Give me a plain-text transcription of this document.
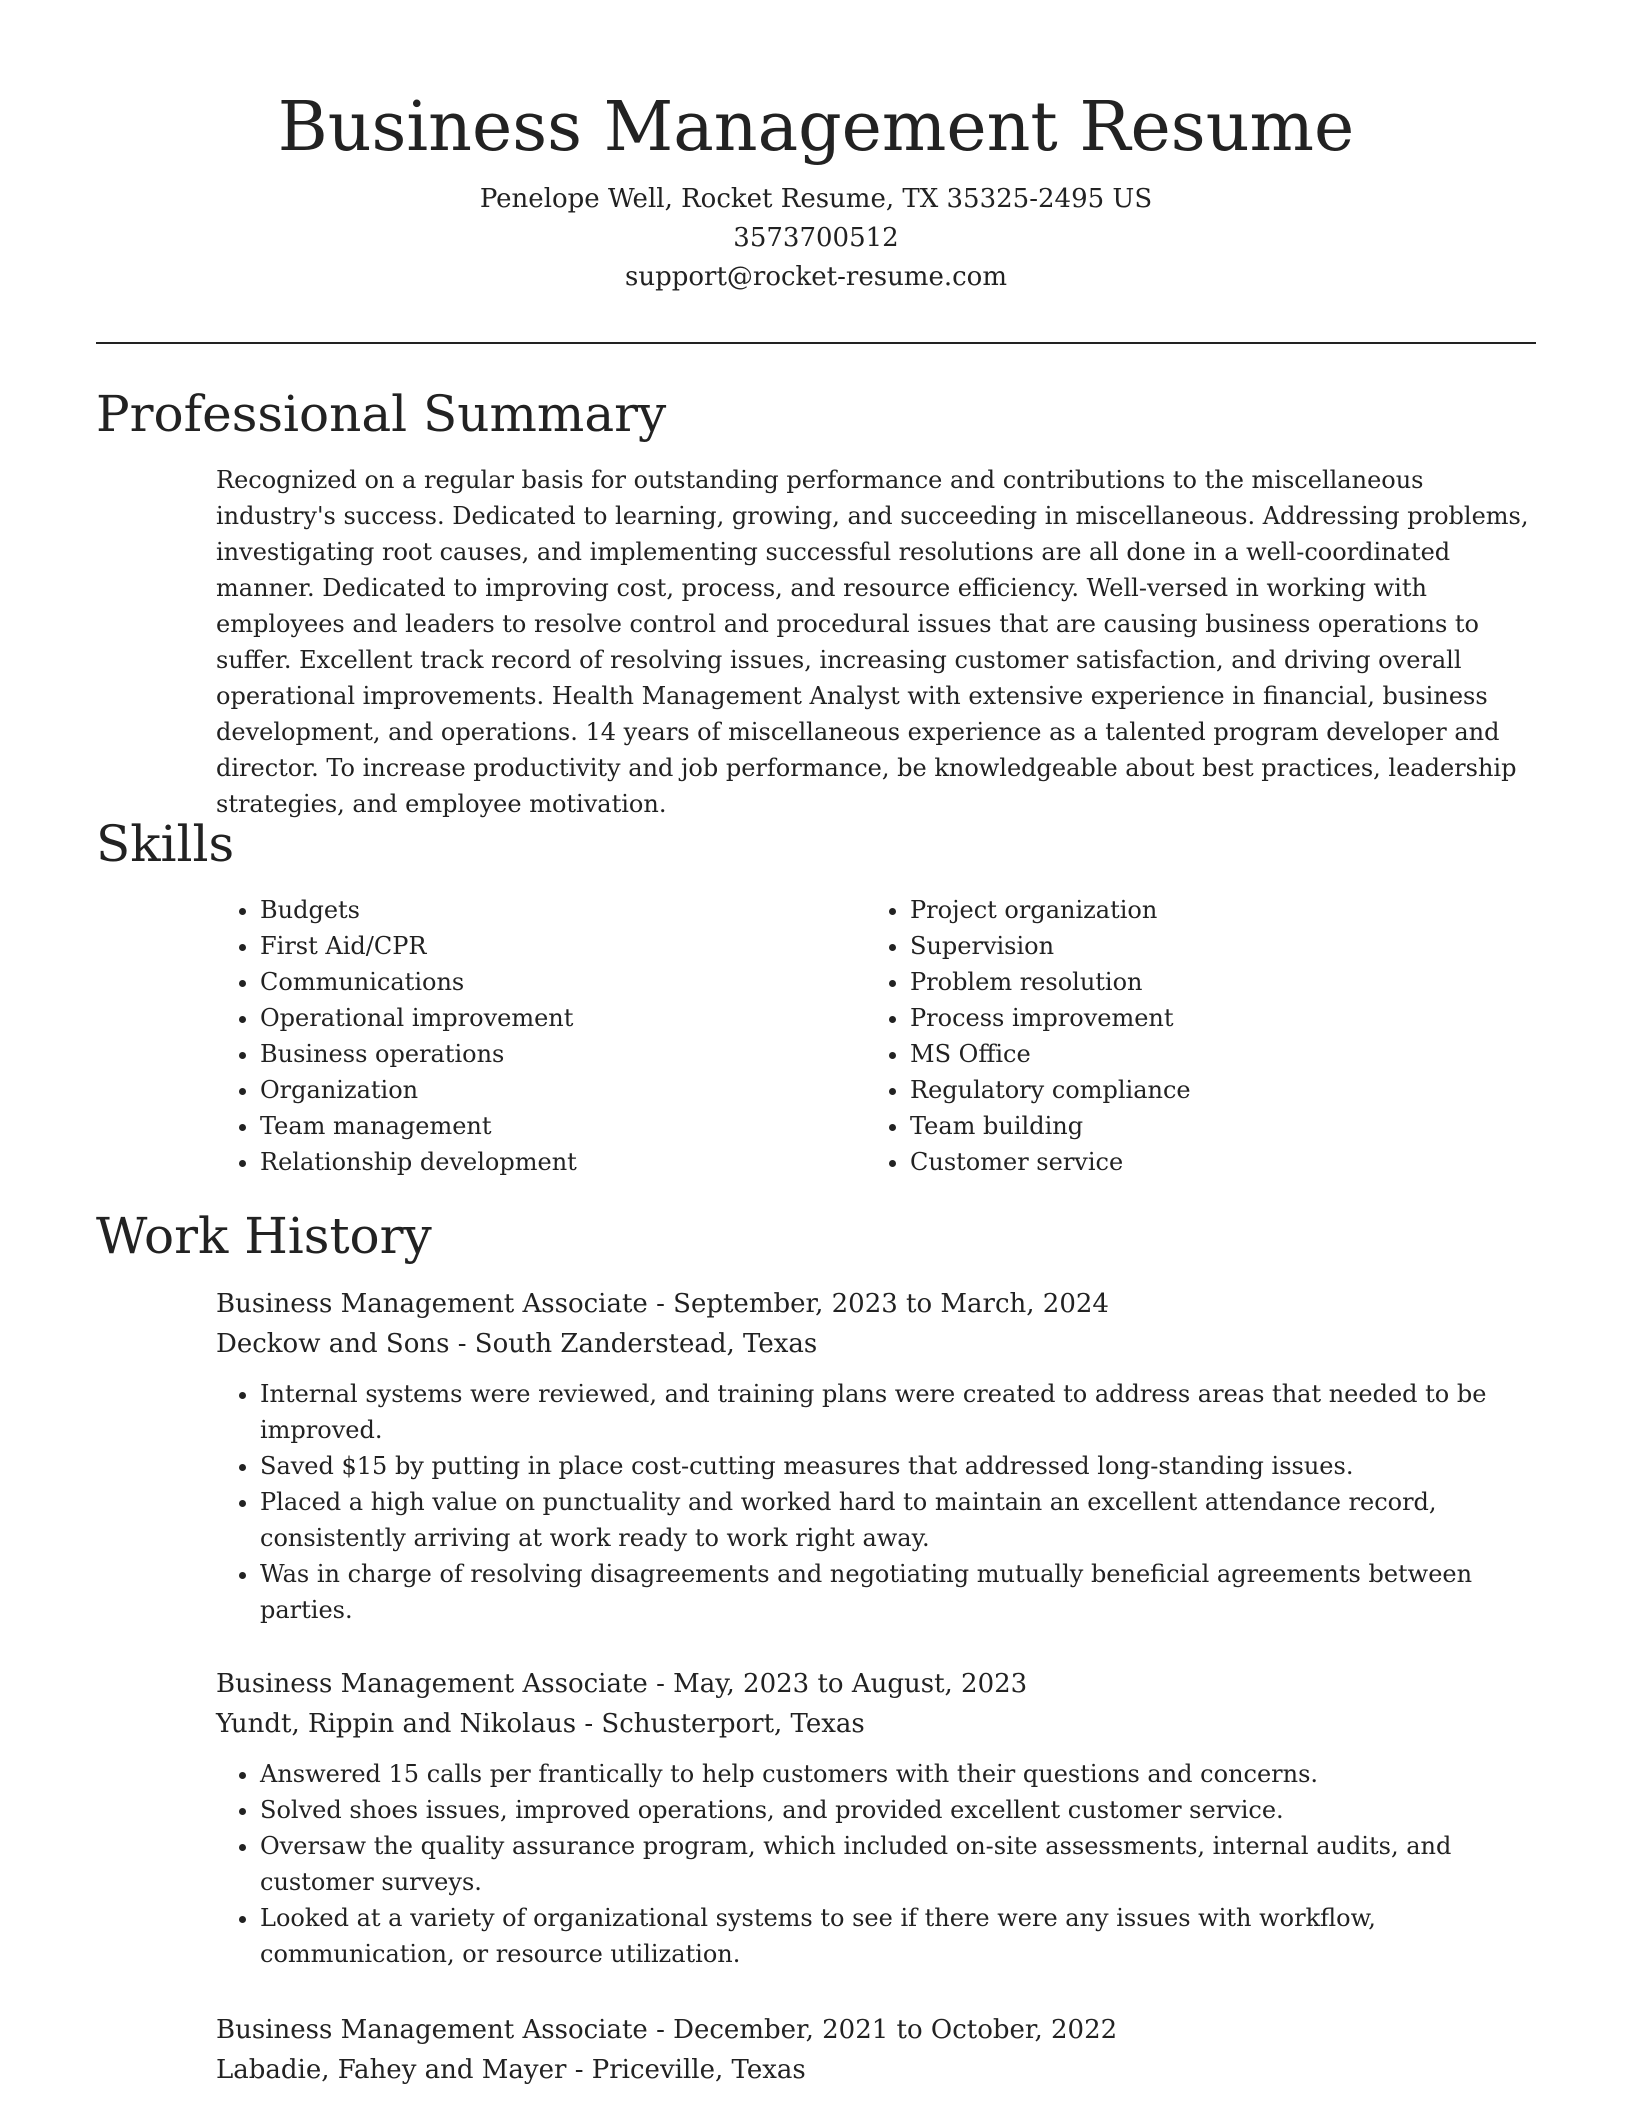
Business Management Resume

Penelope Well, Rocket Resume, TX 35325-2495 US

3573700512

support@rocket-resume.com

Professional Summary

Recognized on a regular basis for outstanding performance and contributions to the miscellaneous industry's success. Dedicated to learning, growing, and succeeding in miscellaneous. Addressing problems, investigating root causes, and implementing successful resolutions are all done in a well-coordinated manner. Dedicated to improving cost, process, and resource efficiency. Well-versed in working with employees and leaders to resolve control and procedural issues that are causing business operations to suffer. Excellent track record of resolving issues, increasing customer satisfaction, and driving overall operational improvements. Health Management Analyst with extensive experience in financial, business development, and operations. 14 years of miscellaneous experience as a talented program developer and director. To increase productivity and job performance, be knowledgeable about best practices, leadership strategies, and employee motivation.

Skills
• Budgets
• First Aid/CPR
• Communications
• Operational improvement
• Business operations
• Organization
• Team management
• Relationship development
• Project organization
• Supervision
• Problem resolution
• Process improvement
• MS Office
• Regulatory compliance
• Team building
• Customer service
Work History

Business Management Associate - September, 2023 to March, 2024

Deckow and Sons - South Zanderstead, Texas

• Internal systems were reviewed, and training plans were created to address areas that needed to be improved.
• Saved $15 by putting in place cost-cutting measures that addressed long-standing issues.
• Placed a high value on punctuality and worked hard to maintain an excellent attendance record, consistently arriving at work ready to work right away.
• Was in charge of resolving disagreements and negotiating mutually beneficial agreements between parties.

Business Management Associate - May, 2023 to August, 2023

Yundt, Rippin and Nikolaus - Schusterport, Texas

• Answered 15 calls per frantically to help customers with their questions and concerns.
• Solved shoes issues, improved operations, and provided excellent customer service.
• Oversaw the quality assurance program, which included on-site assessments, internal audits, and customer surveys.
• Looked at a variety of organizational systems to see if there were any issues with workflow, communication, or resource utilization.

Business Management Associate - December, 2021 to October, 2022

Labadie, Fahey and Mayer - Priceville, Texas
